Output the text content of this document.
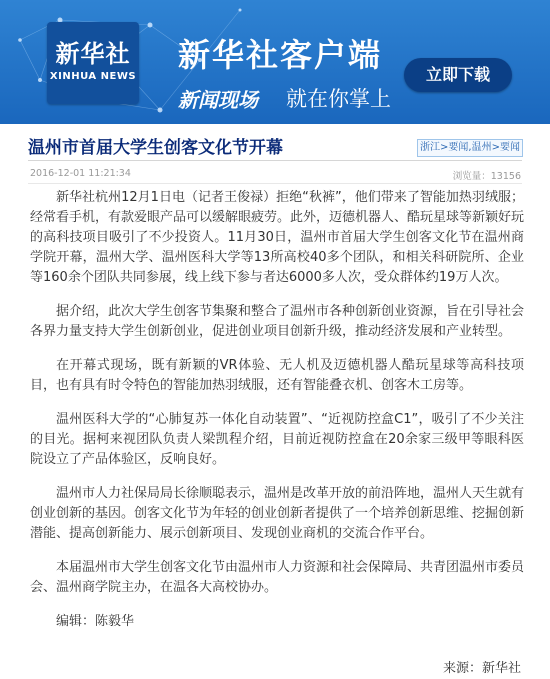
新华社
XINHUA NEWS
新华社客户端
新闻现场 就在你掌上
立即下载
温州市首届大学生创客文化节开幕	浙江>要闻,温州>要闻
2016-12-01 11:21:34	浏览量：13156

新华社杭州12月1日电（记者王俊禄）拒绝“秋裤”，他们带来了智能加热羽绒服；经常看手机，有款爱眼产品可以缓解眼疲劳。此外，迈德机器人、酷玩星球等新颖好玩的高科技项目吸引了不少投资人。11月30日，温州市首届大学生创客文化节在温州商学院开幕，温州大学、温州医科大学等13所高校40多个团队，和相关科研院所、企业等160余个团队共同参展，线上线下参与者达6000多人次，受众群体约19万人次。

据介绍，此次大学生创客节集聚和整合了温州市各种创新创业资源，旨在引导社会各界力量支持大学生创新创业，促进创业项目创新升级，推动经济发展和产业转型。

在开幕式现场，既有新颖的VR体验、无人机及迈德机器人酷玩星球等高科技项目，也有具有时令特色的智能加热羽绒服，还有智能叠衣机、创客木工房等。

温州医科大学的“心肺复苏一体化自动装置”、“近视防控盒C1”，吸引了不少关注的目光。据柯来视团队负责人梁凯程介绍，目前近视防控盒在20余家三级甲等眼科医院设立了产品体验区，反响良好。

温州市人力社保局局长徐顺聪表示，温州是改革开放的前沿阵地，温州人天生就有创业创新的基因。创客文化节为年轻的创业创新者提供了一个培养创新思维、挖掘创新潜能、提高创新能力、展示创新项目、发现创业商机的交流合作平台。

本届温州市大学生创客文化节由温州市人力资源和社会保障局、共青团温州市委员会、温州商学院主办，在温各大高校协办。

编辑：陈毅华

来源：新华社
